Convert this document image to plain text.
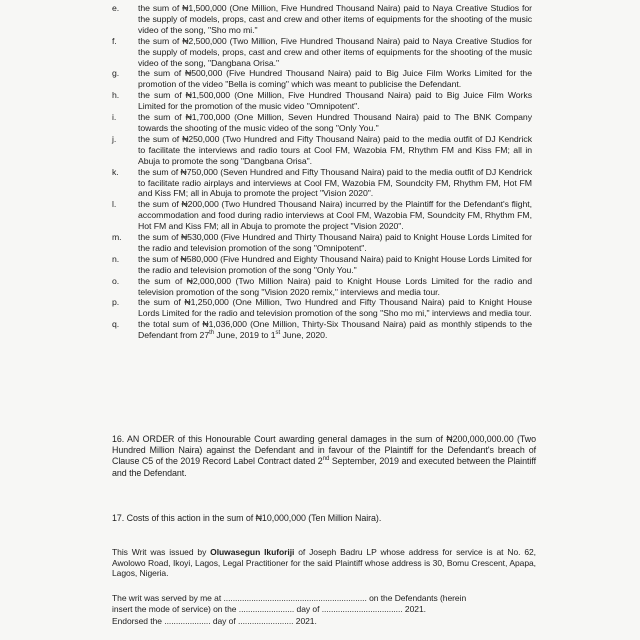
e.	the sum of ₦1,500,000 (One Million, Five Hundred Thousand Naira) paid to Naya Creative Studios for the supply of models, props, cast and crew and other items of equipments for the shooting of the music video of the song, "Sho mo mi."
f.	the sum of ₦2,500,000 (Two Million, Five Hundred Thousand Naira) paid to Naya Creative Studios for the supply of models, props, cast and crew and other items of equipments for the shooting of the music video of the song, "Dangbana Orisa."
g.	the sum of ₦500,000 (Five Hundred Thousand Naira) paid to Big Juice Film Works Limited for the promotion of the video "Bella is coming" which was meant to publicise the Defendant.
h.	the sum of ₦1,500,000 (One Million, Five Hundred Thousand Naira) paid to Big Juice Film Works Limited for the promotion of the music video "Omnipotent".
i.	the sum of ₦1,700,000 (One Million, Seven Hundred Thousand Naira) paid to The BNK Company towards the shooting of the music video of the song "Only You."
j.	the sum of ₦250,000 (Two Hundred and Fifty Thousand Naira) paid to the media outfit of DJ Kendrick to facilitate the interviews and radio tours at Cool FM, Wazobia FM, Rhythm FM and Kiss FM; all in Abuja to promote the song "Dangbana Orisa".
k.	the sum of ₦750,000 (Seven Hundred and Fifty Thousand Naira) paid to the media outfit of DJ Kendrick to facilitate radio airplays and interviews at Cool FM, Wazobia FM, Soundcity FM, Rhythm FM, Hot FM and Kiss FM; all in Abuja to promote the project "Vision 2020".
l.	the sum of ₦200,000 (Two Hundred Thousand Naira) incurred by the Plaintiff for the Defendant's flight, accommodation and food during radio interviews at Cool FM, Wazobia FM, Soundcity FM, Rhythm FM, Hot FM and Kiss FM; all in Abuja to promote the project "Vision 2020".
m.	the sum of ₦530,000 (Five Hundred and Thirty Thousand Naira) paid to Knight House Lords Limited for the radio and television promotion of the song "Omnipotent".
n.	the sum of ₦580,000 (Five Hundred and Eighty Thousand Naira) paid to Knight House Lords Limited for the radio and television promotion of the song "Only You."
o.	the sum of ₦2,000,000 (Two Million Naira) paid to Knight House Lords Limited for the radio and television promotion of the song "Vision 2020 remix," interviews and media tour.
p.	the sum of ₦1,250,000 (One Million, Two Hundred and Fifty Thousand Naira) paid to Knight House Lords Limited for the radio and television promotion of the song "Sho mo mi," interviews and media tour.
q.	the total sum of ₦1,036,000 (One Million, Thirty-Six Thousand Naira) paid as monthly stipends to the Defendant from 27th June, 2019 to 1st June, 2020.
16. AN ORDER of this Honourable Court awarding general damages in the sum of ₦200,000,000.00 (Two Hundred Million Naira) against the Defendant and in favour of the Plaintiff for the Defendant's breach of Clause C5 of the 2019 Record Label Contract dated 2nd September, 2019 and executed between the Plaintiff and the Defendant.
17. Costs of this action in the sum of ₦10,000,000 (Ten Million Naira).
This Writ was issued by Oluwasegun Ikuforiji of Joseph Badru LP whose address for service is at No. 62, Awolowo Road, Ikoyi, Lagos, Legal Practitioner for the said Plaintiff whose address is 30, Bomu Crescent, Apapa, Lagos, Nigeria.
The writ was served by me at .............................................................. on the Defendants (herein
insert the mode of service) on the ........................ day of ................................... 2021.
Endorsed the .................... day of ........................ 2021.
